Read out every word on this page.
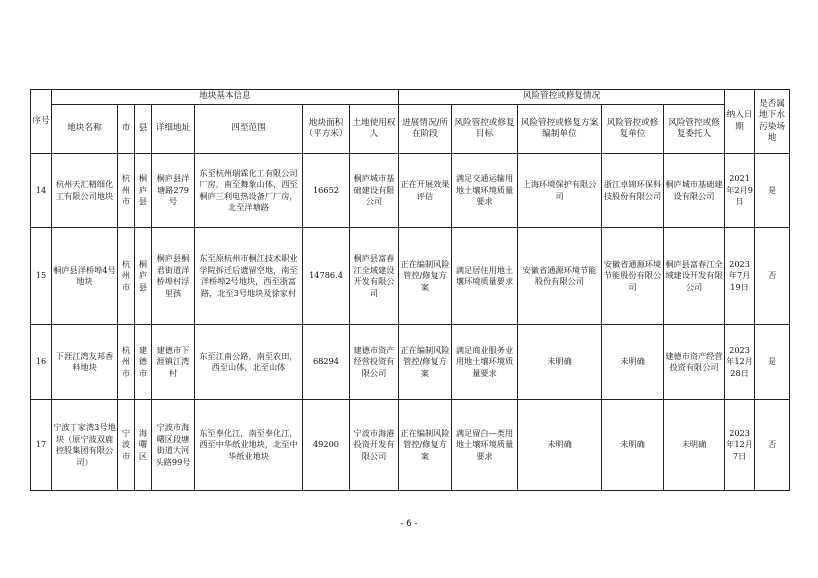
序号	地块基本信息							风险管控或修复情况					纳入日期	是否属地下水污染场地
	地块名称	市	县	详细地址	四至范围	地块面积（平方米）	土地使用权人	进展情况/所在阶段	风险管控或修复目标	风险管控或修复方案编制单位	风险管控或修复单位	风险管控或修复委托人		
14	杭州天汇精细化工有限公司地块	杭州市	桐庐县	桐庐县洋塘路279号	东至杭州瑞霖化工有限公司厂房，南至舞象山体，西至桐庐三利电热设备厂厂房，北至洋塘路	16652	桐庐城市基础建设有限公司	正在开展效果评估	满足交通运输用地土壤环境质量要求	上海环境保护有限公司	浙江卓锦环保科技股份有限公司	桐庐城市基础建设有限公司	2021年2月9日	是
15	桐庐县洋桥埠4号地块	杭州市	桐庐县	桐庐县桐君街道洋桥埠村浮里孩	东至原杭州市桐江技术职业学院拆迁后遗留空地，南至洋桥埠2号地块，西至浙富路，北至3号地块及徐家村	14786.4	桐庐县富春江全域建设开发有限公司	正在编制风险管控/修复方案	满足居住用地土壤环境质量要求	安徽省通源环境节能股份有限公司	安徽省通源环境节能股份有限公司	桐庐县富春江全域建设开发有限公司	2023年7月19日	否
16	下涯江湾友邦香料地块	杭州市	建德市	建德市下涯镇江湾村	东至江南公路，南至农田，西至山体，北至山体	68294	建德市资产经营投资有限公司	正在编制风险管控/修复方案	满足商业服务业用地土壤环境质量要求	未明确	未明确	建德市资产经营投资有限公司	2023年12月28日	是
17	宁波丁家湾3号地块（原宁波双鹿控股集团有限公司）	宁波市	海曙区	宁波市海曙区段塘街道大河头路99号	东至奉化江，南至奉化江，西至中华纸业地块，北至中华纸业地块	49200	宁波市海港投资开发有限公司	正在编制风险管控/修复方案	满足留白—类用地土壤环境质量要求	未明确	未明确	未明确	2023年12月7日	否
- 6 -
